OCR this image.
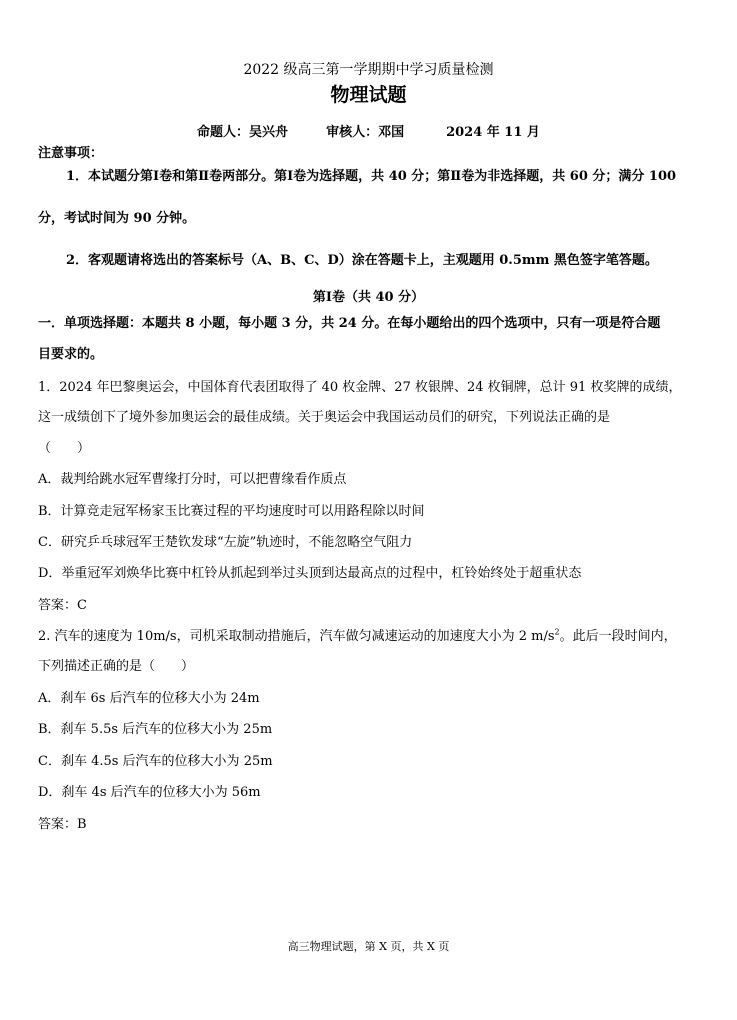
2022 级高三第一学期期中学习质量检测
物理试题
命题人：吴兴舟	审核人：邓国	2024 年 11 月
注意事项：
1．本试题分第Ⅰ卷和第Ⅱ卷两部分。第Ⅰ卷为选择题，共 40 分；第Ⅱ卷为非选择题，共 60 分；满分 100
分，考试时间为 90 分钟。
2．客观题请将选出的答案标号（A、B、C、D）涂在答题卡上，主观题用 0.5mm 黑色签字笔答题。
第Ⅰ卷（共 40 分）
一．单项选择题：本题共 8 小题，每小题 3 分，共 24 分。在每小题给出的四个选项中，只有一项是符合题
目要求的。
1．2024 年巴黎奥运会，中国体育代表团取得了 40 枚金牌、27 枚银牌、24 枚铜牌，总计 91 枚奖牌的成绩，
这一成绩创下了境外参加奥运会的最佳成绩。关于奥运会中我国运动员们的研究，下列说法正确的是
（　　）
A．裁判给跳水冠军曹缘打分时，可以把曹缘看作质点
B．计算竞走冠军杨家玉比赛过程的平均速度时可以用路程除以时间
C．研究乒乓球冠军王楚钦发球“左旋”轨迹时，不能忽略空气阻力
D．举重冠军刘焕华比赛中杠铃从抓起到举过头顶到达最高点的过程中，杠铃始终处于超重状态
答案：C
2. 汽车的速度为 10m/s，司机采取制动措施后，汽车做匀减速运动的加速度大小为 2 $m/s^2$。此后一段时间内，
下列描述正确的是（　　）
A．刹车 6s 后汽车的位移大小为 24m
B．刹车 5.5s 后汽车的位移大小为 25m
C．刹车 4.5s 后汽车的位移大小为 25m
D．刹车 4s 后汽车的位移大小为 56m
答案：B
高三物理试题，第 X 页，共 X 页
